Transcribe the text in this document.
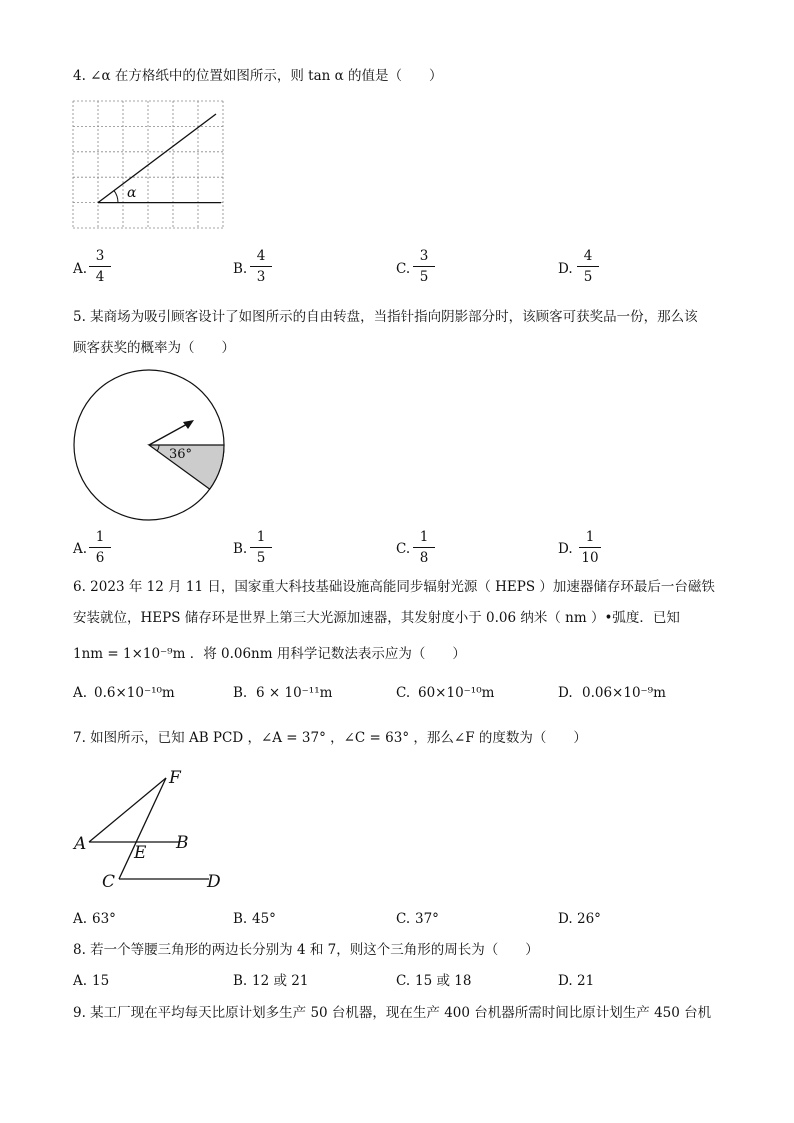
4. ∠α 在方格纸中的位置如图所示，则 tan α 的值是（　　）
α
A.
3
4	B.
4
3	C.
3
5	D.
4
5
5. 某商场为吸引顾客设计了如图所示的自由转盘，当指针指向阴影部分时，该顾客可获奖品一份，那么该
顾客获奖的概率为（　　）
36°
A.
1
6
B.
1
5
C.
1
8
D.
1
10
6. 2023 年 12 月 11 日，国家重大科技基础设施高能同步辐射光源（ HEPS ）加速器储存环最后一台磁铁
安装就位，HEPS 储存环是世界上第三大光源加速器，其发射度小于 0.06 纳米（ nm ）•弧度．已知
1nm = 1×10⁻⁹m ．将 0.06nm 用科学记数法表示应为（　　）
A. 0.6×10⁻¹⁰m	B. 6 × 10⁻¹¹m	C. 60×10⁻¹⁰m	D. 0.06×10⁻⁹m
7. 如图所示，已知 AB PCD ，∠A = 37° ，∠C = 63° ，那么∠F 的度数为（　　）
F
A	B
E
C	D
A. 63°	B. 45°	C. 37°	D. 26°
8. 若一个等腰三角形的两边长分别为 4 和 7，则这个三角形的周长为（　　）
A. 15	B. 12 或 21	C. 15 或 18	D. 21
9. 某工厂现在平均每天比原计划多生产 50 台机器，现在生产 400 台机器所需时间比原计划生产 450 台机
